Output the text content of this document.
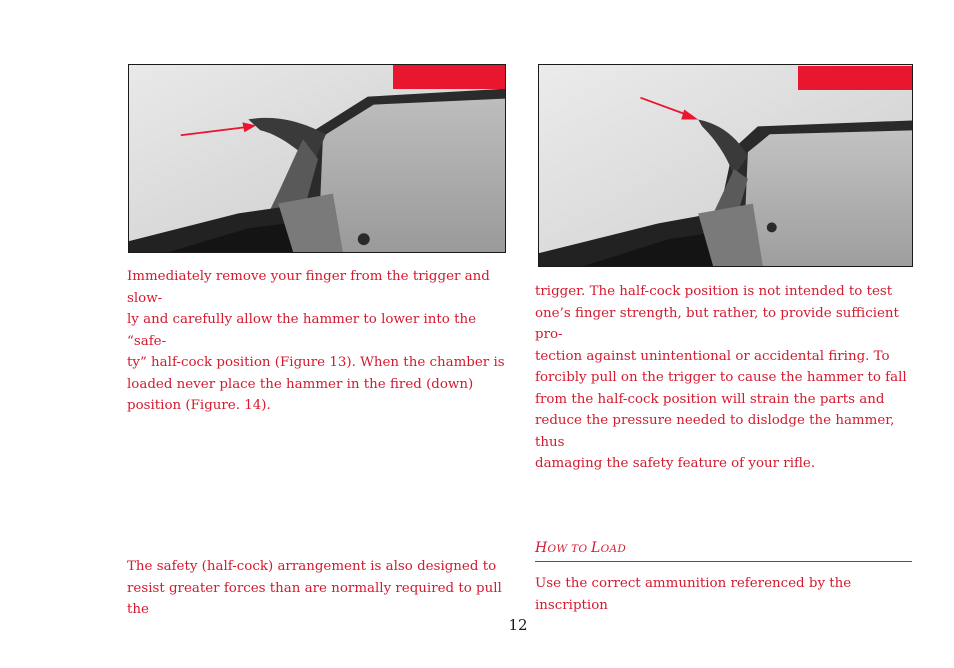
Immediately remove your finger from the trigger and slow-
ly and carefully allow the hammer to lower into the “safe-
ty” half-cock position (Figure 13). When the chamber is
loaded never place the hammer in the fired (down)
position (Figure. 14).

The safety (half-cock) arrangement is also designed to
resist greater forces than are normally required to pull the

trigger. The half-cock position is not intended to test
one’s finger strength, but rather, to provide sufficient pro-
tection against unintentional or accidental firing. To
forcibly pull on the trigger to cause the hammer to fall
from the half-cock position will strain the parts and
reduce the pressure needed to dislodge the hammer, thus
damaging the safety feature of your rifle.

HOW TO LOAD

Use the correct ammunition referenced by the inscription

12
